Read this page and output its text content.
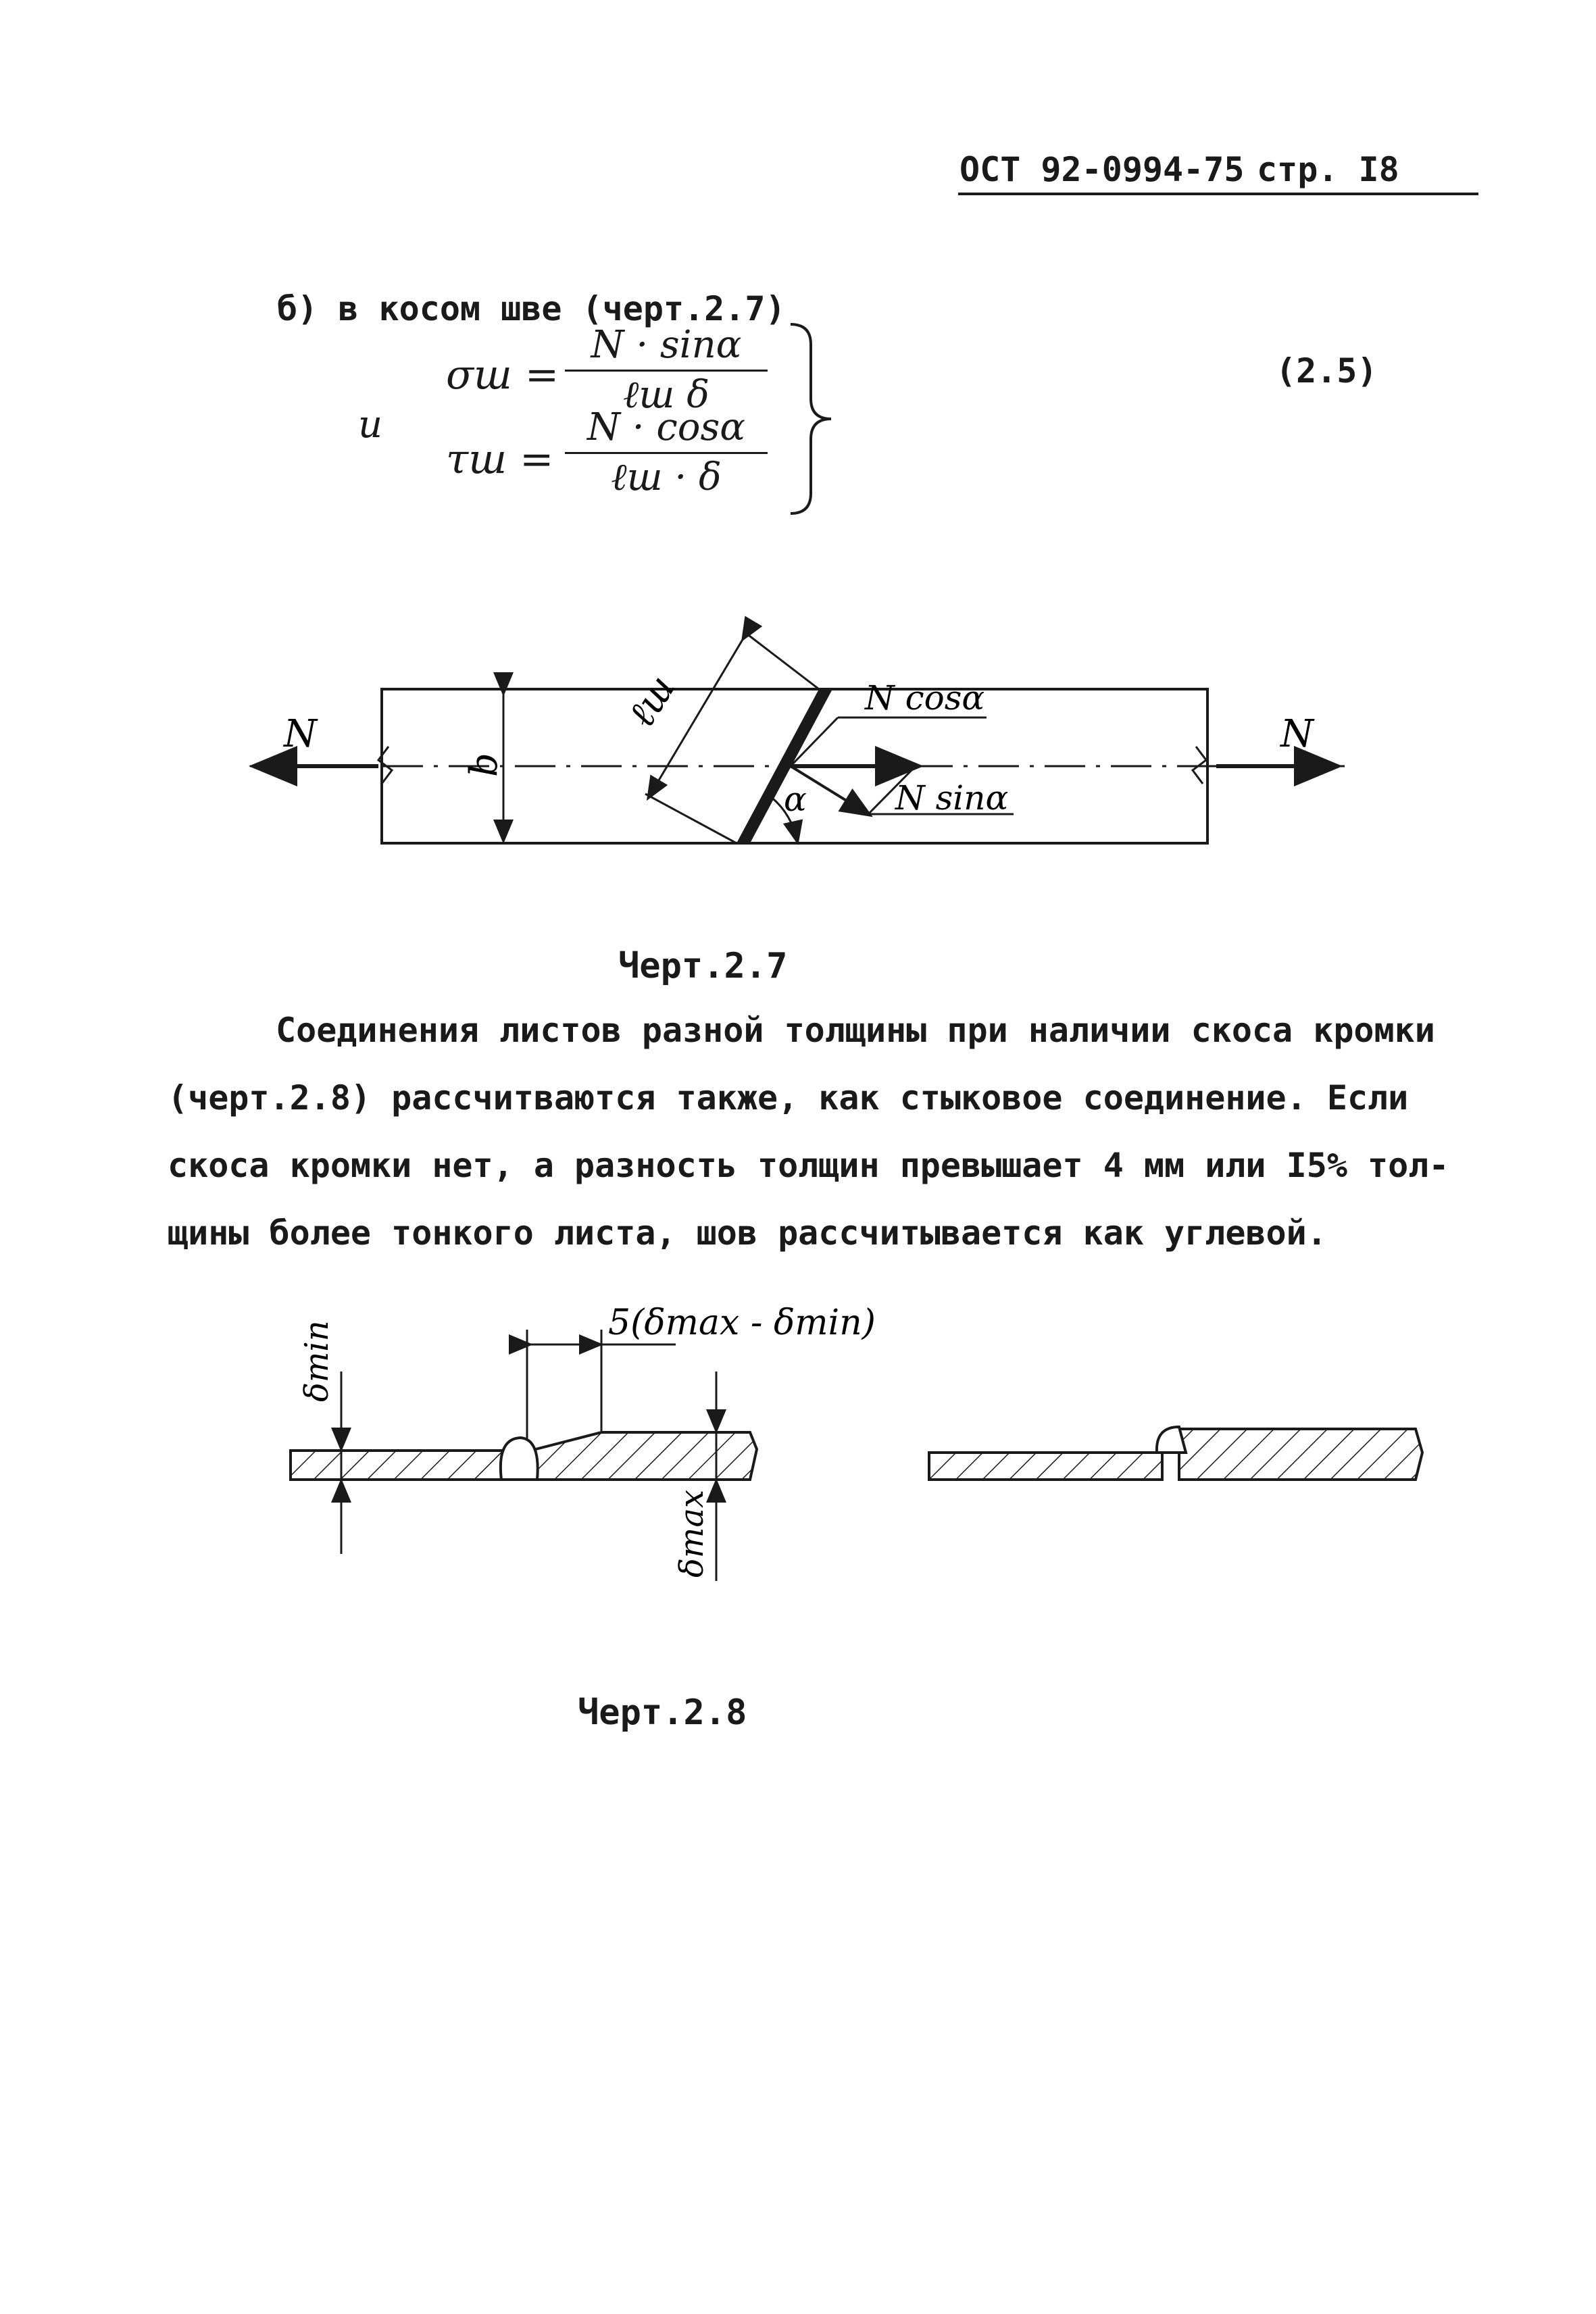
ОСТ 92-0994-75 стр. I8
б) в косом шве (черт.2.7)
σш =
N · sinα
ℓш δ
и
τш =
N · cosα
ℓш · δ
(2.5)
N	N
b
ℓш	N cosα
N sinα
α
Черт.2.7
Соединения листов разной толщины при наличии скоса кромки
(черт.2.8) рассчитваются также, как стыковое соединение. Если
скоса кромки нет, а разность толщин превышает 4 мм или I5% тол-
щины более тонкого листа, шов рассчитывается как углевой.
5(δmax - δmin)
δmin
δmax
Черт.2.8
